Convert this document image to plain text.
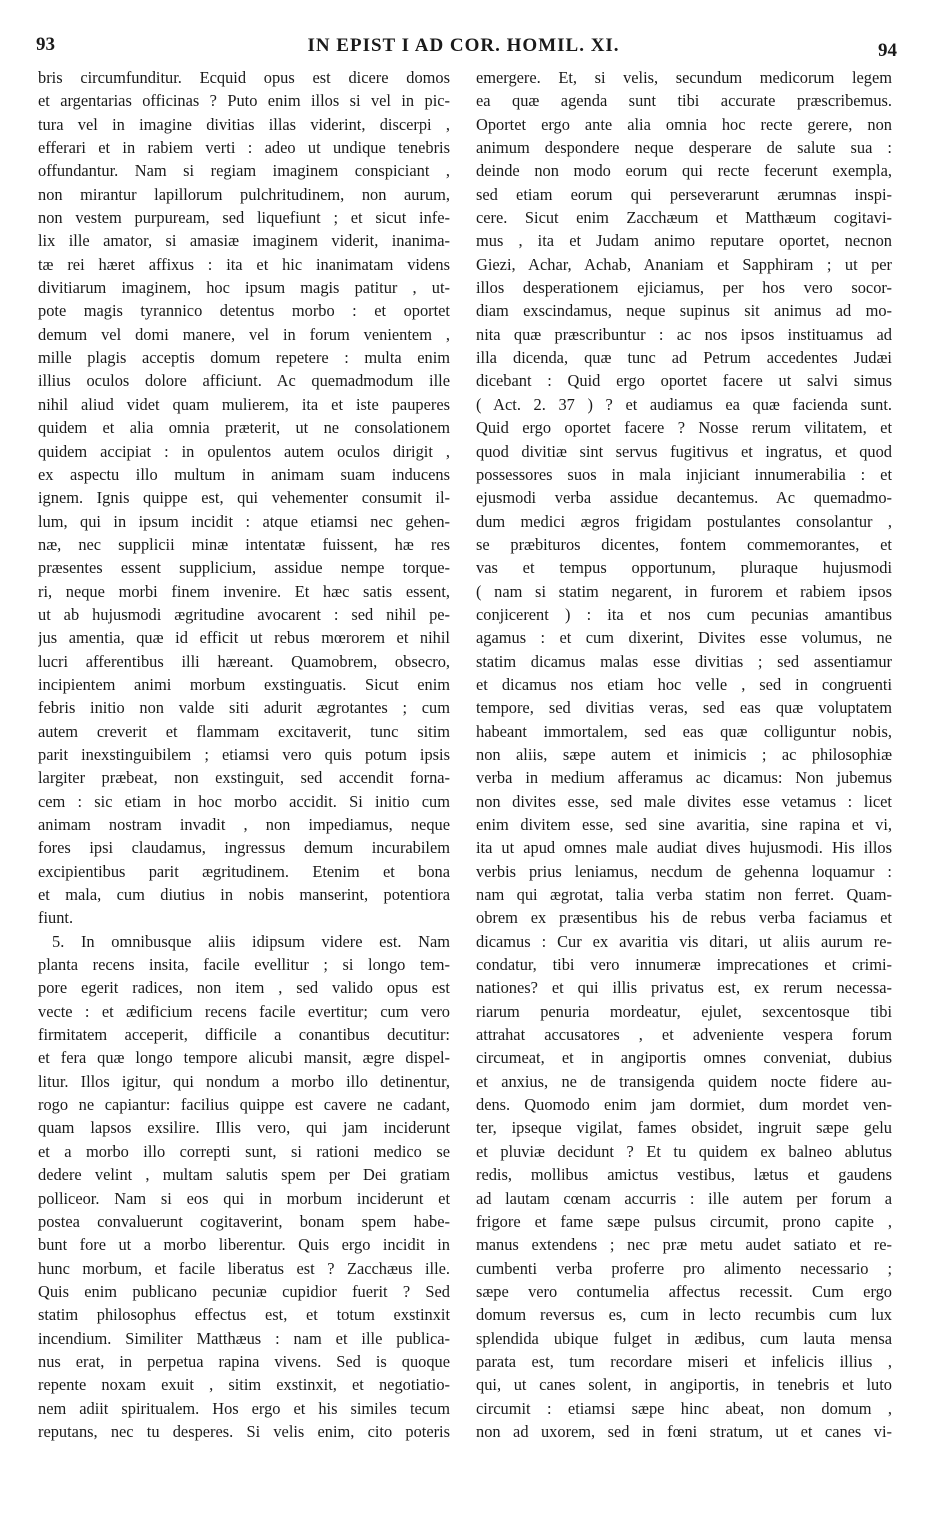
93	IN EPIST I AD COR. HOMIL. XI.	94
bris circumfunditur. Ecquid opus est dicere domos
et argentarias officinas ? Puto enim illos si vel in pic-
tura vel in imagine divitias illas viderint, discerpi ,
efferari et in rabiem verti : adeo ut undique tenebris
offundantur. Nam si regiam imaginem conspiciant ,
non mirantur lapillorum pulchritudinem, non aurum,
non vestem purpuream, sed liquefiunt ; et sicut infe-
lix ille amator, si amasiæ imaginem viderit, inanima-
tæ rei hæret affixus : ita et hic inanimatam videns
divitiarum imaginem, hoc ipsum magis patitur , ut-
pote magis tyrannico detentus morbo : et oportet
demum vel domi manere, vel in forum venientem ,
mille plagis acceptis domum repetere : multa enim
illius oculos dolore afficiunt. Ac quemadmodum ille
nihil aliud videt quam mulierem, ita et iste pauperes
quidem et alia omnia præterit, ut ne consolationem
quidem accipiat : in opulentos autem oculos dirigit ,
ex aspectu illo multum in animam suam inducens
ignem. Ignis quippe est, qui vehementer consumit il-
lum, qui in ipsum incidit : atque etiamsi nec gehen-
næ, nec supplicii minæ intentatæ fuissent, hæ res
præsentes essent supplicium, assidue nempe torque-
ri, neque morbi finem invenire. Et hæc satis essent,
ut ab hujusmodi ægritudine avocarent : sed nihil pe-
jus amentia, quæ id efficit ut rebus mœrorem et nihil
lucri afferentibus illi hæreant. Quamobrem, obsecro,
incipientem animi morbum exstinguatis. Sicut enim
febris initio non valde siti adurit ægrotantes ; cum
autem creverit et flammam excitaverit, tunc sitim
parit inexstinguibilem ; etiamsi vero quis potum ipsis
largiter præbeat, non exstinguit, sed accendit forna-
cem : sic etiam in hoc morbo accidit. Si initio cum
animam nostram invadit , non impediamus, neque
fores ipsi claudamus, ingressus demum incurabilem
excipientibus parit ægritudinem. Etenim et bona
et mala, cum diutius in nobis manserint, potentiora
fiunt.
5. In omnibusque aliis idipsum videre est. Nam
planta recens insita, facile evellitur ; si longo tem-
pore egerit radices, non item , sed valido opus est
vecte : et ædificium recens facile evertitur; cum vero
firmitatem acceperit, difficile a conantibus decutitur:
et fera quæ longo tempore alicubi mansit, ægre dispel-
litur. Illos igitur, qui nondum a morbo illo detinentur,
rogo ne capiantur: facilius quippe est cavere ne cadant,
quam lapsos exsilire. Illis vero, qui jam inciderunt
et a morbo illo correpti sunt, si rationi medico se
dedere velint , multam salutis spem per Dei gratiam
polliceor. Nam si eos qui in morbum inciderunt et
postea convaluerunt cogitaverint, bonam spem habe-
bunt fore ut a morbo liberentur. Quis ergo incidit in
hunc morbum, et facile liberatus est ? Zacchæus ille.
Quis enim publicano pecuniæ cupidior fuerit ? Sed
statim philosophus effectus est, et totum exstinxit
incendium. Similiter Matthæus : nam et ille publica-
nus erat, in perpetua rapina vivens. Sed is quoque
repente noxam exuit , sitim exstinxit, et negotiatio-
nem adiit spiritualem. Hos ergo et his similes tecum
reputans, nec tu desperes. Si velis enim, cito poteris
emergere. Et, si velis, secundum medicorum legem
ea quæ agenda sunt tibi accurate præscribemus.
Oportet ergo ante alia omnia hoc recte gerere, non
animum despondere neque desperare de salute sua :
deinde non modo eorum qui recte fecerunt exempla,
sed etiam eorum qui perseverarunt ærumnas inspi-
cere. Sicut enim Zacchæum et Matthæum cogitavi-
mus , ita et Judam animo reputare oportet, necnon
Giezi, Achar, Achab, Ananiam et Sapphiram ; ut per
illos desperationem ejiciamus, per hos vero socor-
diam exscindamus, neque supinus sit animus ad mo-
nita quæ præscribuntur : ac nos ipsos instituamus ad
illa dicenda, quæ tunc ad Petrum accedentes Judæi
dicebant : Quid ergo oportet facere ut salvi simus
( Act. 2. 37 ) ? et audiamus ea quæ facienda sunt.
Quid ergo oportet facere ? Nosse rerum vilitatem, et
quod divitiæ sint servus fugitivus et ingratus, et quod
possessores suos in mala injiciant innumerabilia : et
ejusmodi verba assidue decantemus. Ac quemadmo-
dum medici ægros frigidam postulantes consolantur ,
se præbituros dicentes, fontem commemorantes, et
vas et tempus opportunum, pluraque hujusmodi
( nam si statim negarent, in furorem et rabiem ipsos
conjicerent ) : ita et nos cum pecunias amantibus
agamus : et cum dixerint, Divites esse volumus, ne
statim dicamus malas esse divitias ; sed assentiamur
et dicamus nos etiam hoc velle , sed in congruenti
tempore, sed divitias veras, sed eas quæ voluptatem
habeant immortalem, sed eas quæ colliguntur nobis,
non aliis, sæpe autem et inimicis ; ac philosophiæ
verba in medium afferamus ac dicamus: Non jubemus
non divites esse, sed male divites esse vetamus : licet
enim divitem esse, sed sine avaritia, sine rapina et vi,
ita ut apud omnes male audiat dives hujusmodi. His illos
verbis prius leniamus, necdum de gehenna loquamur :
nam qui ægrotat, talia verba statim non ferret. Quam-
obrem ex præsentibus his de rebus verba faciamus et
dicamus : Cur ex avaritia vis ditari, ut aliis aurum re-
condatur, tibi vero innumeræ imprecationes et crimi-
nationes? et qui illis privatus est, ex rerum necessa-
riarum penuria mordeatur, ejulet, sexcentosque tibi
attrahat accusatores , et adveniente vespera forum
circumeat, et in angiportis omnes conveniat, dubius
et anxius, ne de transigenda quidem nocte fidere au-
dens. Quomodo enim jam dormiet, dum mordet ven-
ter, ipseque vigilat, fames obsidet, ingruit sæpe gelu
et pluviæ decidunt ? Et tu quidem ex balneo ablutus
redis, mollibus amictus vestibus, lætus et gaudens
ad lautam cœnam accurris : ille autem per forum a
frigore et fame sæpe pulsus circumit, prono capite ,
manus extendens ; nec præ metu audet satiato et re-
cumbenti verba proferre pro alimento necessario ;
sæpe vero contumelia affectus recessit. Cum ergo
domum reversus es, cum in lecto recumbis cum lux
splendida ubique fulget in ædibus, cum lauta mensa
parata est, tum recordare miseri et infelicis illius ,
qui, ut canes solent, in angiportis, in tenebris et luto
circumit : etiamsi sæpe hinc abeat, non domum ,
non ad uxorem, sed in fœni stratum, ut et canes vi-
